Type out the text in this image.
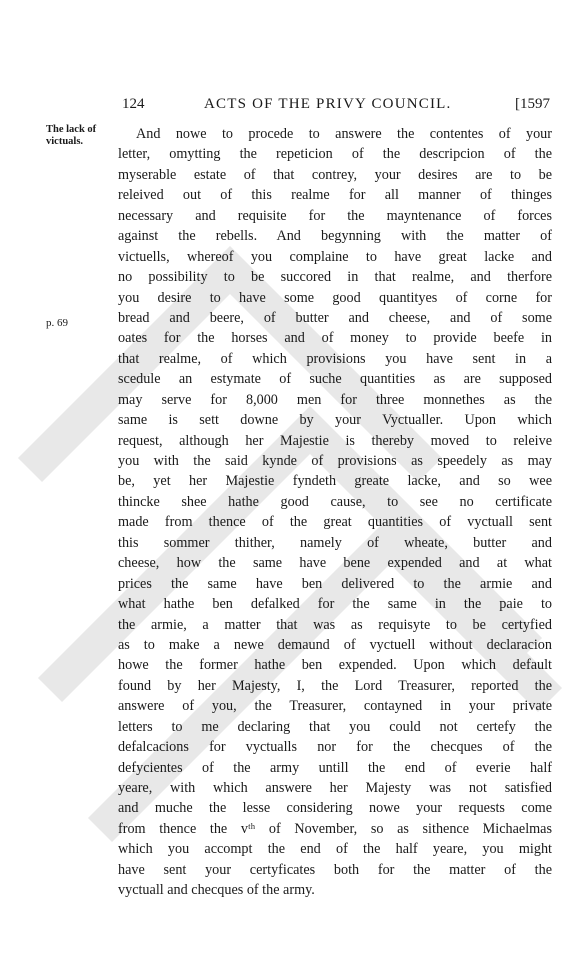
124	ACTS OF THE PRIVY COUNCIL.	[1597
The lack of victuals.
p. 69
And nowe to procede to answere the contentes of your
letter, omytting the repeticion of the descripcion of the
myserable estate of that contrey, your desires are to be
releived out of this realme for all manner of thinges
necessary and requisite for the mayntenance of forces
against the rebells. And begynning with the matter of
victuells, whereof you complaine to have great lacke and
no possibility to be succored in that realme, and therfore
you desire to have some good quantityes of corne for
bread and beere, of butter and cheese, and of some
oates for the horses and of money to provide beefe in
that realme, of which provisions you have sent in a
scedule an estymate of suche quantities as are supposed
may serve for 8,000 men for three monnethes as the
same is sett downe by your Vyctualler. Upon which
request, although her Majestie is thereby moved to releive
you with the said kynde of provisions as speedely as may
be, yet her Majestie fyndeth greate lacke, and so wee
thincke shee hathe good cause, to see no certificate
made from thence of the great quantities of vyctuall sent
this sommer thither, namely of wheate, butter and
cheese, how the same have bene expended and at what
prices the same have ben delivered to the armie and
what hathe ben defalked for the same in the paie to
the armie, a matter that was as requisyte to be certyfied
as to make a newe demaund of vyctuell without declaracion
howe the former hathe ben expended. Upon which default
found by her Majesty, I, the Lord Treasurer, reported the
answere of you, the Treasurer, contayned in your private
letters to me declaring that you could not certefy the
defalcacions for vyctualls nor for the checques of the
defycientes of the army untill the end of everie half
yeare, with which answere her Majesty was not satisfied
and muche the lesse considering nowe your requests come
from thence the vᵗʰ of November, so as sithence Michaelmas
which you accompt the end of the half yeare, you might
have sent your certyficates both for the matter of the
vyctuall and checques of the army.
